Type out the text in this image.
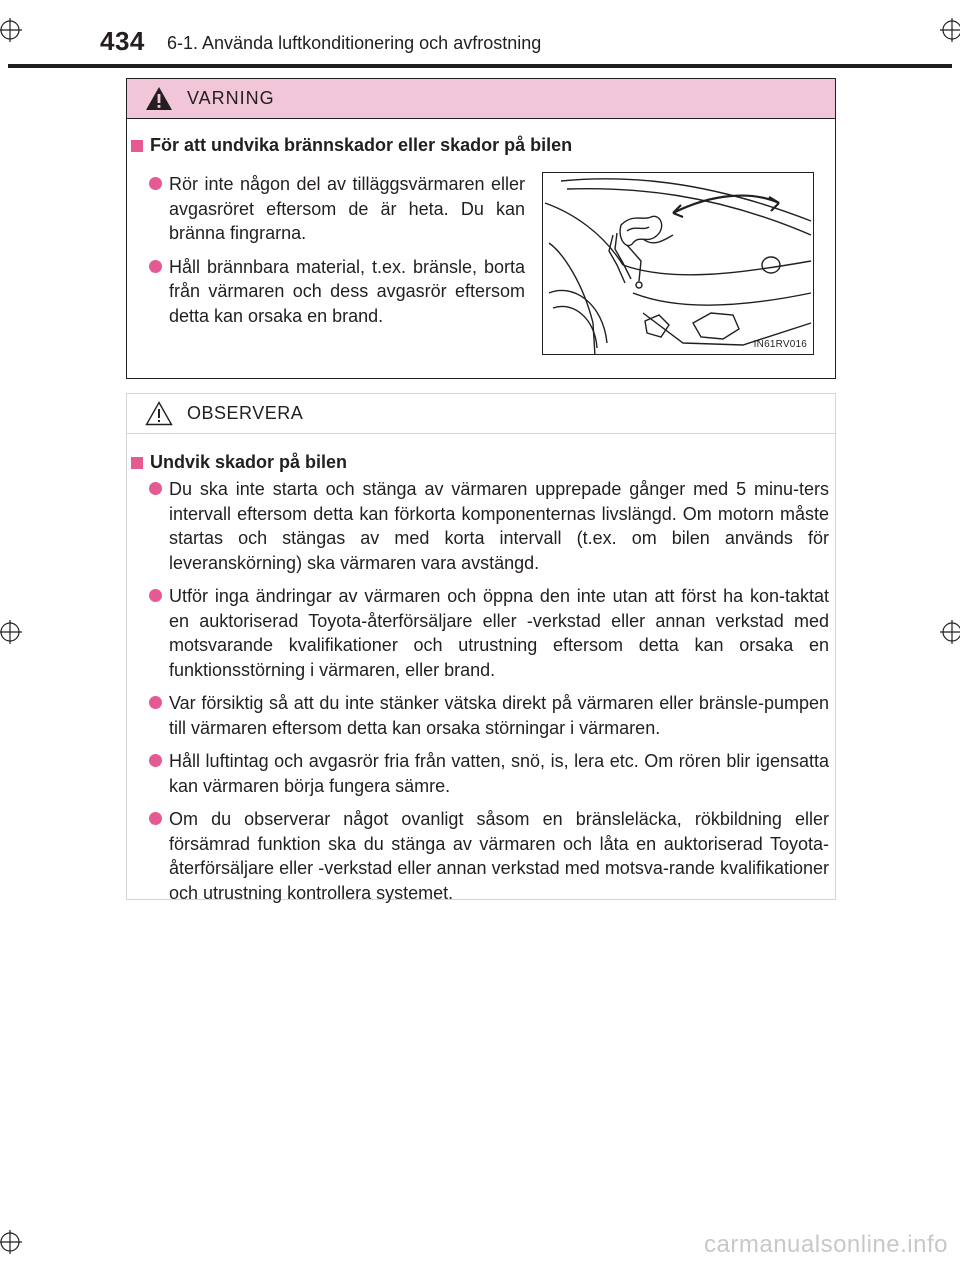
434 6-1. Använda luftkonditionering och avfrostning
VARNING
För att undvika brännskador eller skador på bilen
Rör inte någon del av tilläggsvärmaren eller avgasröret eftersom de är heta. Du kan bränna fingrarna.
Håll brännbara material, t.ex. bränsle, borta från värmaren och dess avgasrör eftersom detta kan orsaka en brand.
IN61RV016
OBSERVERA
Undvik skador på bilen
Du ska inte starta och stänga av värmaren upprepade gånger med 5 minu-ters intervall eftersom detta kan förkorta komponenternas livslängd. Om motorn måste startas och stängas av med korta intervall (t.ex. om bilen används för leveranskörning) ska värmaren vara avstängd.
Utför inga ändringar av värmaren och öppna den inte utan att först ha kon-taktat en auktoriserad Toyota-återförsäljare eller -verkstad eller annan verkstad med motsvarande kvalifikationer och utrustning eftersom detta kan orsaka en funktionsstörning i värmaren, eller brand.
Var försiktig så att du inte stänker vätska direkt på värmaren eller bränsle-pumpen till värmaren eftersom detta kan orsaka störningar i värmaren.
Håll luftintag och avgasrör fria från vatten, snö, is, lera etc. Om rören blir igensatta kan värmaren börja fungera sämre.
Om du observerar något ovanligt såsom en bränsleläcka, rökbildning eller försämrad funktion ska du stänga av värmaren och låta en auktoriserad Toyota-återförsäljare eller -verkstad eller annan verkstad med motsva-rande kvalifikationer och utrustning kontrollera systemet.
carmanualsonline.info
